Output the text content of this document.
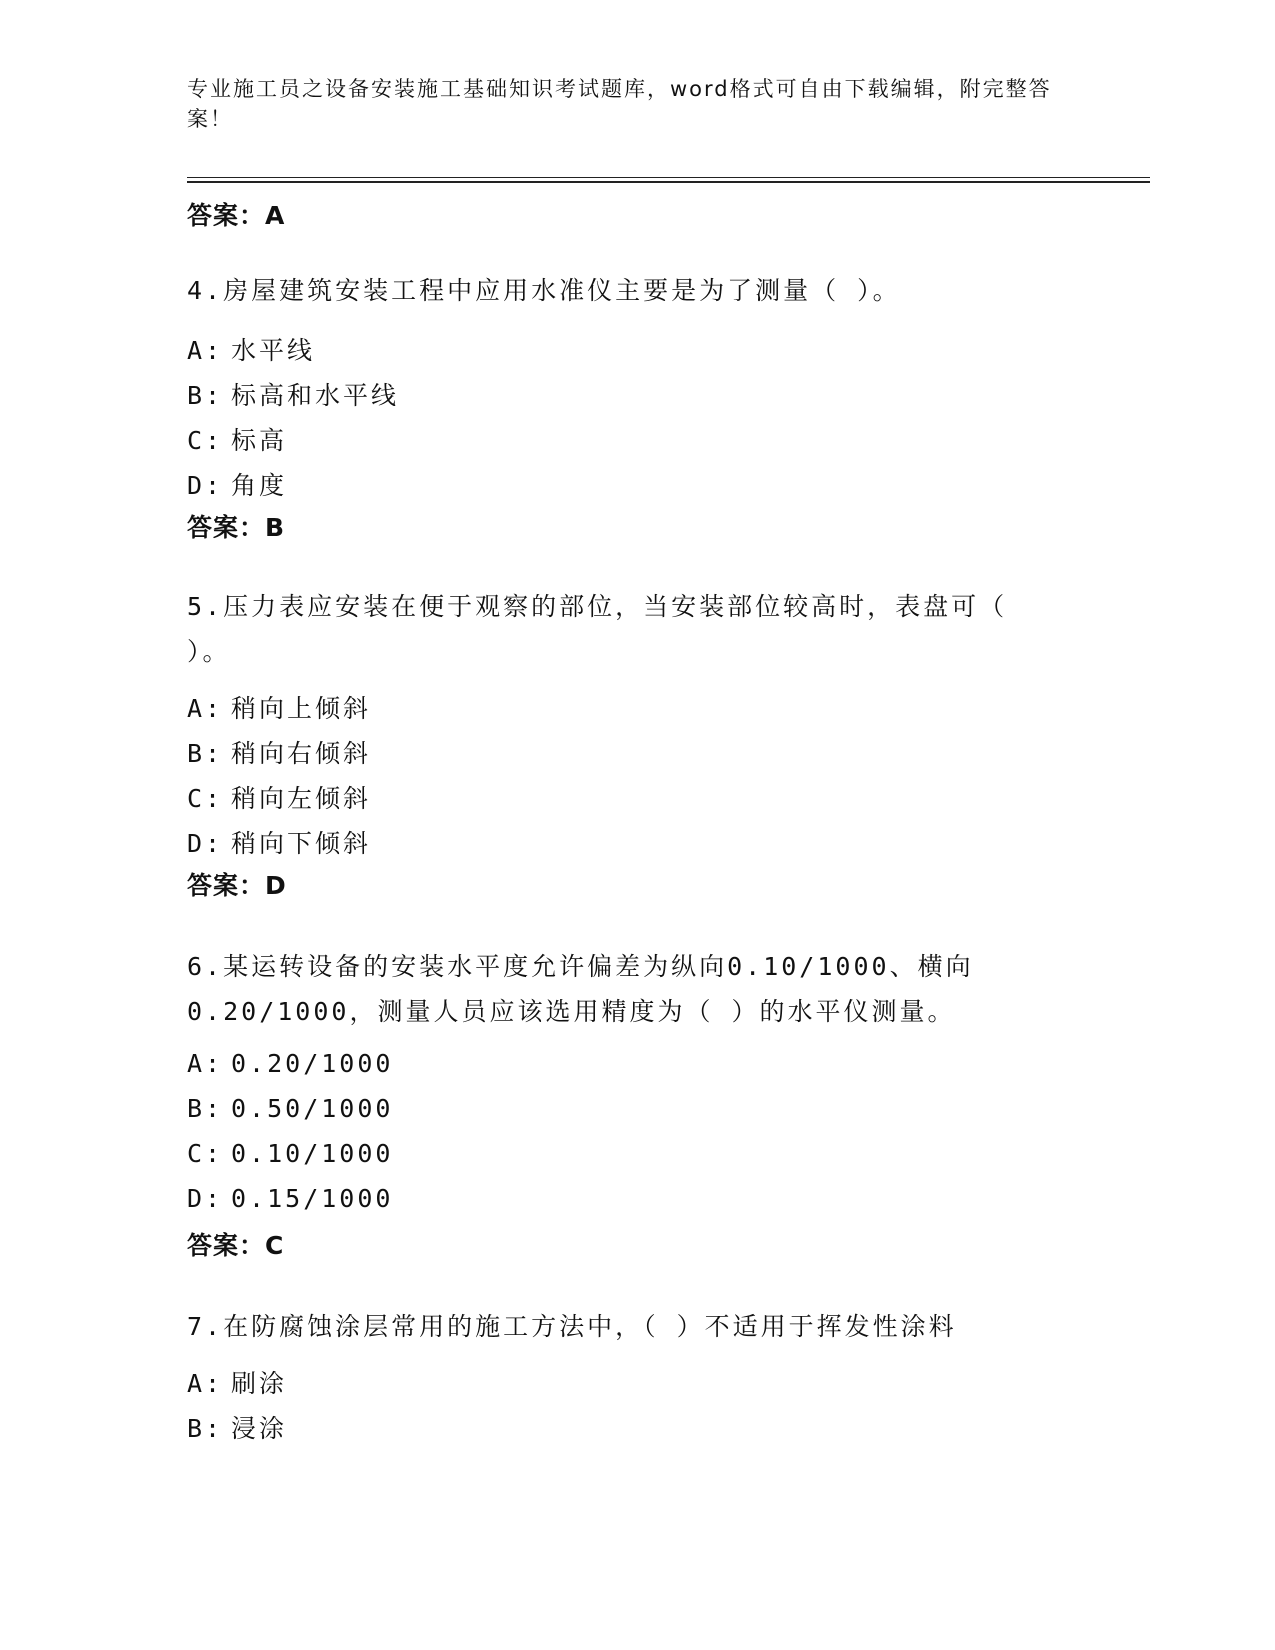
专业施工员之设备安装施工基础知识考试题库，word格式可自由下载编辑，附完整答案！
答案：A
4.房屋建筑安装工程中应用水准仪主要是为了测量（ ）。
A: 水平线
B: 标高和水平线
C: 标高
D: 角度
答案：B
5.压力表应安装在便于观察的部位，当安装部位较高时，表盘可（ ）。
A: 稍向上倾斜
B: 稍向右倾斜
C: 稍向左倾斜
D: 稍向下倾斜
答案：D
6.某运转设备的安装水平度允许偏差为纵向0.10/1000、横向0.20/1000，测量人员应该选用精度为（ ）的水平仪测量。
A: 0.20/1000
B: 0.50/1000
C: 0.10/1000
D: 0.15/1000
答案：C
7.在防腐蚀涂层常用的施工方法中，（ ）不适用于挥发性涂料
A: 刷涂
B: 浸涂
